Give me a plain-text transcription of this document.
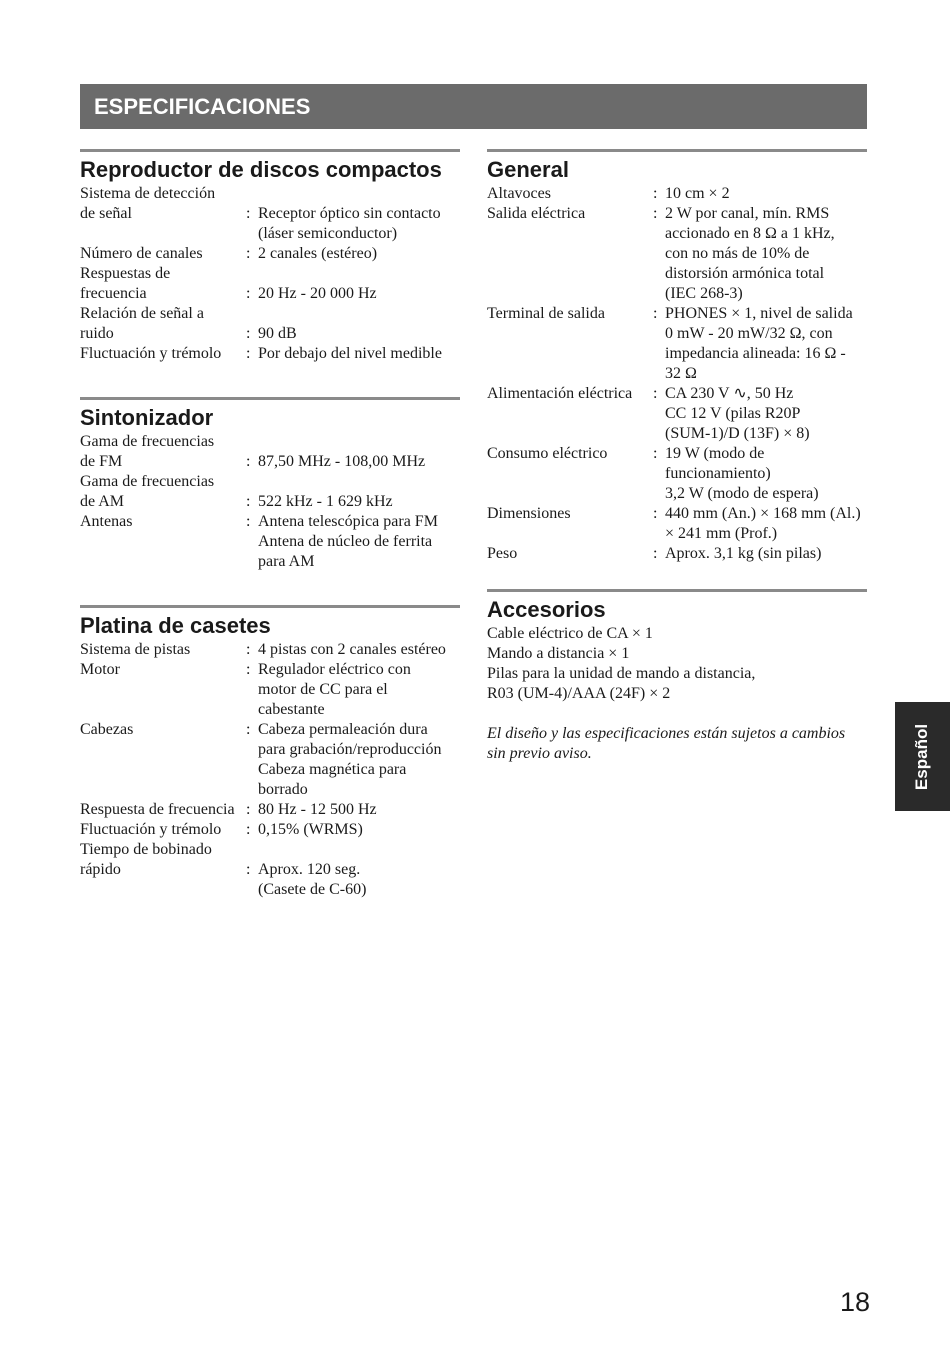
ESPECIFICACIONES
Reproductor de discos compactos
Sistema de detección
de señal	:
Receptor óptico sin contacto
(láser semiconductor)
Número de canales	: 2 canales (estéreo)
Respuestas de
frecuencia	:
20 Hz - 20 000 Hz
Relación de señal a
ruido	:
90 dB
Fluctuación y trémolo	: Por debajo del nivel medible
Sintonizador
Gama de frecuencias
de FM	:
87,50 MHz - 108,00 MHz
Gama de frecuencias
de AM	:
522 kHz - 1 629 kHz
Antenas	: Antena telescópica para FM
Antena de núcleo de ferrita
para AM
Platina de casetes
Sistema de pistas	: 4 pistas con 2 canales estéreo
Motor	: Regulador eléctrico con
motor de CC para el
cabestante
Cabezas	: Cabeza permaleación dura
para grabación/reproducción
Cabeza magnética para
borrado
Respuesta de frecuencia : 80 Hz - 12 500 Hz
Fluctuación y trémolo	: 0,15% (WRMS)
Tiempo de bobinado
rápido	:
Aprox. 120 seg.
(Casete de C-60)
General
Altavoces	: 10 cm × 2
Salida eléctrica	: 2 W por canal, mín. RMS
accionado en 8 Ω a 1 kHz,
con no más de 10% de
distorsión armónica total
(IEC 268-3)
Terminal de salida	: PHONES × 1, nivel de salida
0 mW - 20 mW/32 Ω, con
impedancia alineada: 16 Ω -
32 Ω
Alimentación eléctrica	: CA 230 V ∿, 50 Hz
CC 12 V (pilas R20P
(SUM-1)/D (13F) × 8)
Consumo eléctrico	: 19 W (modo de
funcionamiento)
3,2 W (modo de espera)
Dimensiones	: 440 mm (An.) × 168 mm (Al.)
× 241 mm (Prof.)
Peso	: Aprox. 3,1 kg (sin pilas)
Accesorios
Cable eléctrico de CA × 1
Mando a distancia × 1
Pilas para la unidad de mando a distancia,
R03 (UM-4)/AAA (24F) × 2
El diseño y las especificaciones están sujetos a cambios
sin previo aviso.	Español
18
